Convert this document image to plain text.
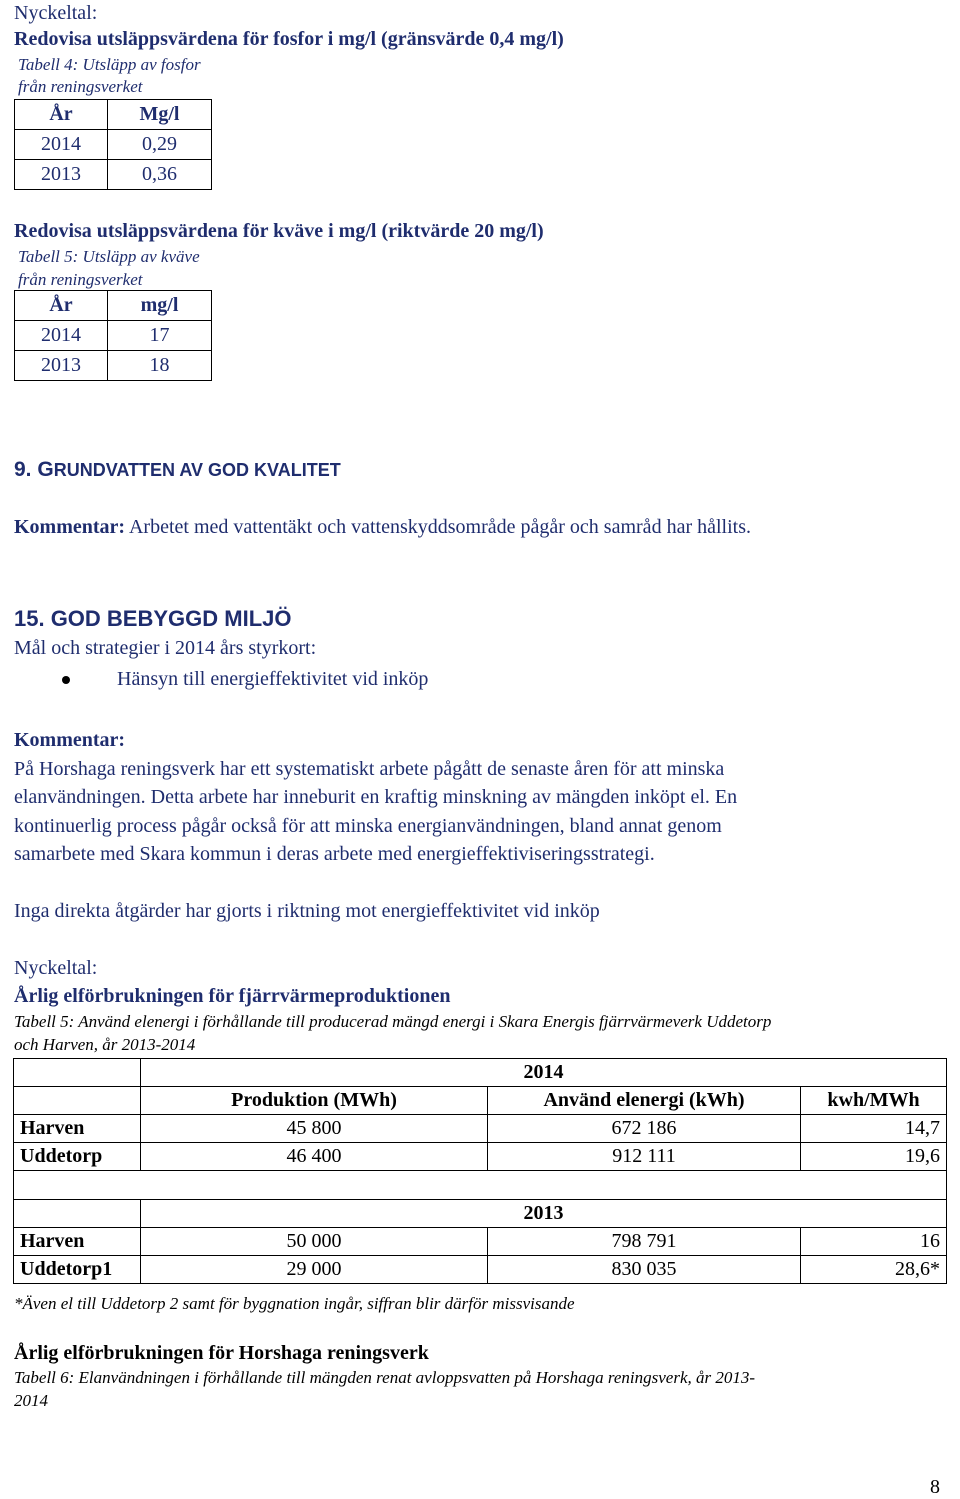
Nyckeltal:
Redovisa utsläppsvärdena för fosfor i mg/l (gränsvärde 0,4 mg/l)
Tabell 4: Utsläpp av fosfor
från reningsverket
År	Mg/l
2014	0,29
2013	0,36
Redovisa utsläppsvärdena för kväve i mg/l (riktvärde 20 mg/l)
Tabell 5: Utsläpp av kväve
från reningsverket
År	mg/l
2014	17
2013	18
9. GRUNDVATTEN AV GOD KVALITET
Kommentar: Arbetet med vattentäkt och vattenskyddsområde pågår och samråd har hållits.
15. GOD BEBYGGD MILJÖ
Mål och strategier i 2014 års styrkort:
Hänsyn till energieffektivitet vid inköp
Kommentar:
På Horshaga reningsverk har ett systematiskt arbete pågått de senaste åren för att minska
elanvändningen. Detta arbete har inneburit en kraftig minskning av mängden inköpt el. En
kontinuerlig process pågår också för att minska energianvändningen, bland annat genom
samarbete med Skara kommun i deras arbete med energieffektiviseringsstrategi.
Inga direkta åtgärder har gjorts i riktning mot energieffektivitet vid inköp
Nyckeltal:
Årlig elförbrukningen för fjärrvärmeproduktionen
Tabell 5: Använd elenergi i förhållande till producerad mängd energi i Skara Energis fjärrvärmeverk Uddetorp
och Harven, år 2013-2014
	2014		
	Produktion (MWh)	Använd elenergi (kWh)	kwh/MWh
Harven	45 800	672 186	14,7
Uddetorp	46 400	912 111	19,6

	2013		
Harven	50 000	798 791	16
Uddetorp1	29 000	830 035	28,6*
*Även el till Uddetorp 2 samt för byggnation ingår, siffran blir därför missvisande
Årlig elförbrukningen för Horshaga reningsverk
Tabell 6: Elanvändningen i förhållande till mängden renat avloppsvatten på Horshaga reningsverk, år 2013-
2014
8
